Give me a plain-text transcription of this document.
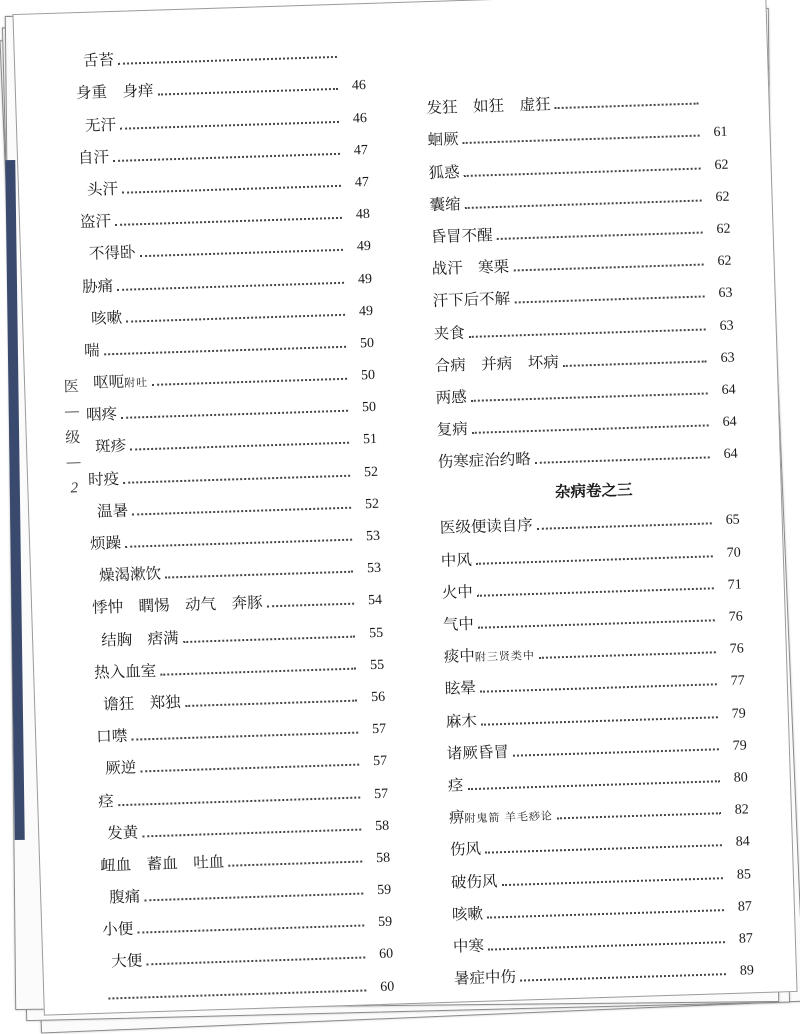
医
级
2
舌苔
身重　身痒	46
无汗	46
自汗	47
头汗	47
盗汗	48
不得卧	49
胁痛	49
咳嗽	49
喘	50
呕呃附吐	50
咽疼	50
斑疹	51
时疫	52
温暑	52
烦躁	53
燥渴漱饮	53
悸忡　瞤惕　动气　奔豚	54
结胸　痞满	55
热入血室	55
谵狂　郑独	56
口噤	57
厥逆	57
痉	57
发黄	58
衄血　蓄血　吐血	58
腹痛	59
小便	59
大便	60
60
发狂　如狂　虚狂
蛔厥	61
狐惑	62
囊缩	62
昏冒不醒	62
战汗　寒栗	62
汗下后不解	63
夹食	63
合病　并病　坏病	63
两感	64
复病	64
伤寒症治约略	64
杂病卷之三
医级便读自序	65
中风	70
火中	71
气中	76
痰中附三贤类中	76
眩晕	77
麻木	79
诸厥昏冒	79
痉	80
痹附鬼箭 羊毛痧论	82
伤风	84
破伤风	85
咳嗽	87
中寒	87
暑症中伤	89
